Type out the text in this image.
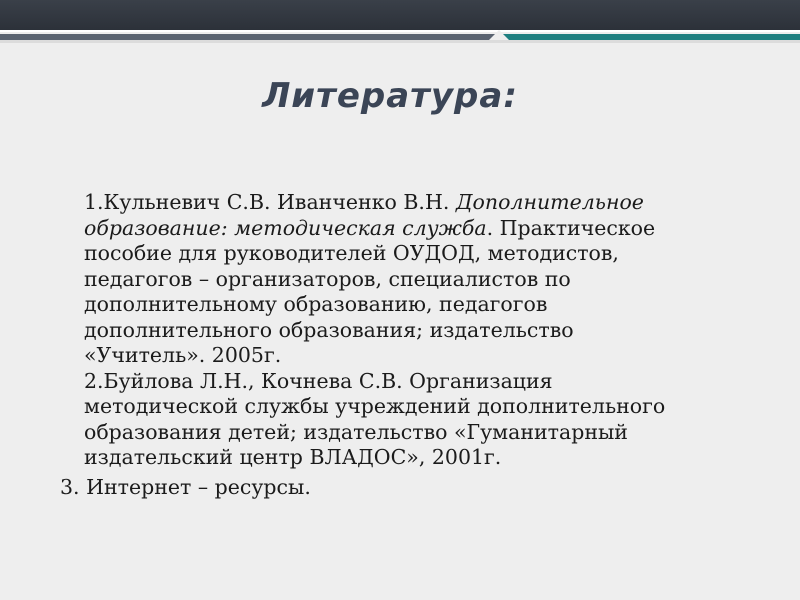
Литература:
1.Кульневич С.В. Иванченко В.Н. Дополнительное
образование: методическая служба. Практическое
пособие для руководителей ОУДОД, методистов,
педагогов – организаторов, специалистов по
дополнительному образованию, педагогов
дополнительного образования; издательство
«Учитель». 2005г.
2.Буйлова Л.Н., Кочнева С.В. Организация
методической службы учреждений дополнительного
образования детей; издательство «Гуманитарный
издательский центр ВЛАДОС», 2001г.
3. Интернет – ресурсы.
